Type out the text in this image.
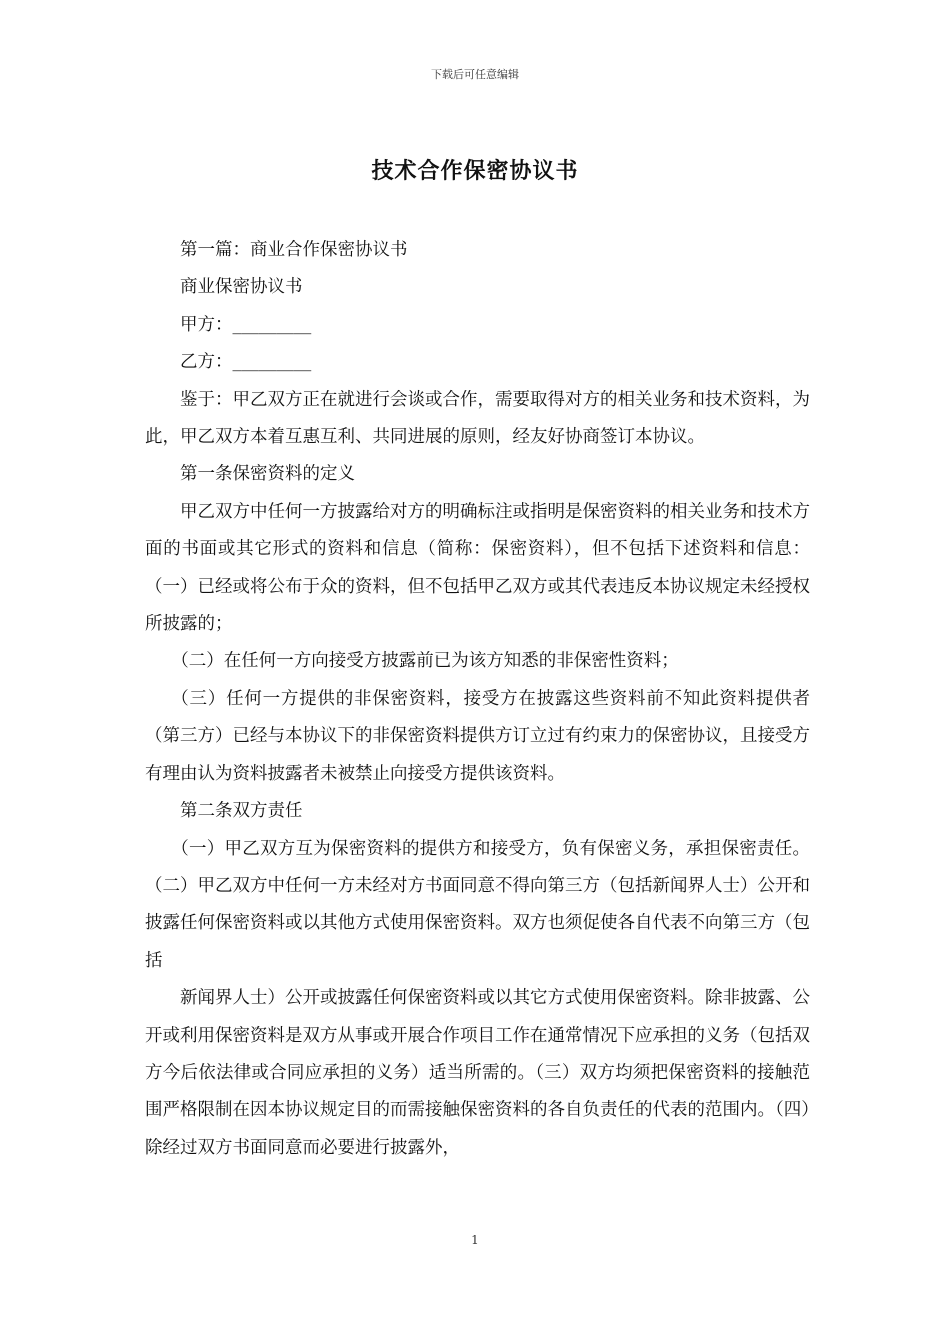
下载后可任意编辑
技术合作保密协议书

第一篇：商业合作保密协议书

商业保密协议书

甲方：_________

乙方：_________

鉴于：甲乙双方正在就进行会谈或合作，需要取得对方的相关业务和技术资料，为此，甲乙双方本着互惠互利、共同进展的原则，经友好协商签订本协议。

第一条保密资料的定义

甲乙双方中任何一方披露给对方的明确标注或指明是保密资料的相关业务和技术方面的书面或其它形式的资料和信息（简称：保密资料），但不包括下述资料和信息：（一）已经或将公布于众的资料，但不包括甲乙双方或其代表违反本协议规定未经授权所披露的；

（二）在任何一方向接受方披露前已为该方知悉的非保密性资料；

（三）任何一方提供的非保密资料，接受方在披露这些资料前不知此资料提供者（第三方）已经与本协议下的非保密资料提供方订立过有约束力的保密协议，且接受方有理由认为资料披露者未被禁止向接受方提供该资料。

第二条双方责任

（一）甲乙双方互为保密资料的提供方和接受方，负有保密义务，承担保密责任。（二）甲乙双方中任何一方未经对方书面同意不得向第三方（包括新闻界人士）公开和披露任何保密资料或以其他方式使用保密资料。双方也须促使各自代表不向第三方（包括

新闻界人士）公开或披露任何保密资料或以其它方式使用保密资料。除非披露、公开或利用保密资料是双方从事或开展合作项目工作在通常情况下应承担的义务（包括双方今后依法律或合同应承担的义务）适当所需的。（三）双方均须把保密资料的接触范围严格限制在因本协议规定目的而需接触保密资料的各自负责任的代表的范围内。（四）除经过双方书面同意而必要进行披露外，

1
